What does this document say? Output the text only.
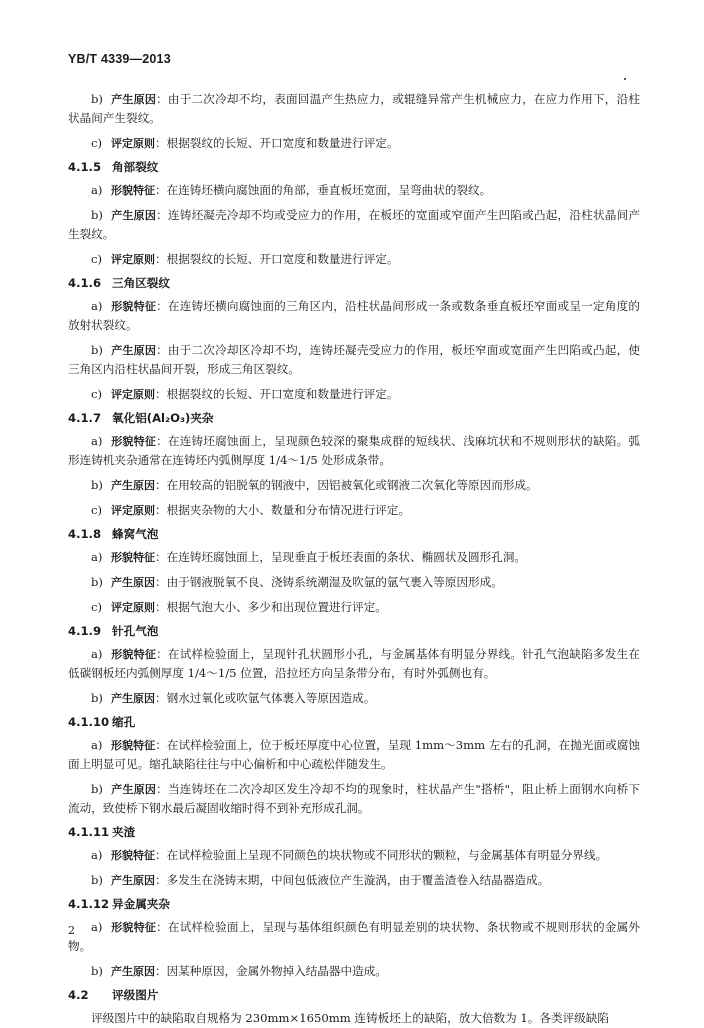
YB/T 4339—2013
b) 产生原因：由于二次冷却不均，表面回温产生热应力，或辊缝异常产生机械应力，在应力作用下，沿柱状晶间产生裂纹。
c) 评定原则：根据裂纹的长短、开口宽度和数量进行评定。
4.1.5 角部裂纹
a) 形貌特征：在连铸坯横向腐蚀面的角部，垂直板坯宽面，呈弯曲状的裂纹。
b) 产生原因：连铸坯凝壳冷却不均或受应力的作用，在板坯的宽面或窄面产生凹陷或凸起，沿柱状晶间产生裂纹。
c) 评定原则：根据裂纹的长短、开口宽度和数量进行评定。
4.1.6 三角区裂纹
a) 形貌特征：在连铸坯横向腐蚀面的三角区内，沿柱状晶间形成一条或数条垂直板坯窄面或呈一定角度的放射状裂纹。
b) 产生原因：由于二次冷却区冷却不均，连铸坯凝壳受应力的作用，板坯窄面或宽面产生凹陷或凸起，使三角区内沿柱状晶间开裂，形成三角区裂纹。
c) 评定原则：根据裂纹的长短、开口宽度和数量进行评定。
4.1.7 氧化铝(Al₂O₃)夹杂
a) 形貌特征：在连铸坯腐蚀面上，呈现颜色较深的聚集成群的短线状、浅麻坑状和不规则形状的缺陷。弧形连铸机夹杂通常在连铸坯内弧侧厚度 1/4～1/5 处形成条带。
b) 产生原因：在用较高的铝脱氧的钢液中，因铝被氧化或钢液二次氧化等原因而形成。
c) 评定原则：根据夹杂物的大小、数量和分布情况进行评定。
4.1.8 蜂窝气泡
a) 形貌特征：在连铸坯腐蚀面上，呈现垂直于板坯表面的条状、椭圆状及圆形孔洞。
b) 产生原因：由于钢液脱氧不良、浇铸系统潮湿及吹氩的氩气裹入等原因形成。
c) 评定原则：根据气泡大小、多少和出现位置进行评定。
4.1.9 针孔气泡
a) 形貌特征：在试样检验面上，呈现针孔状圆形小孔，与金属基体有明显分界线。针孔气泡缺陷多发生在低碳钢板坯内弧侧厚度 1/4～1/5 位置，沿拉坯方向呈条带分布，有时外弧侧也有。
b) 产生原因：钢水过氧化或吹氩气体裹入等原因造成。
4.1.10 缩孔
a) 形貌特征：在试样检验面上，位于板坯厚度中心位置，呈现 1mm～3mm 左右的孔洞，在抛光面或腐蚀面上明显可见。缩孔缺陷往往与中心偏析和中心疏松伴随发生。
b) 产生原因：当连铸坯在二次冷却区发生冷却不均的现象时，柱状晶产生"搭桥"，阻止桥上面钢水向桥下流动，致使桥下钢水最后凝固收缩时得不到补充形成孔洞。
4.1.11 夹渣
a) 形貌特征：在试样检验面上呈现不同颜色的块状物或不同形状的颗粒，与金属基体有明显分界线。
b) 产生原因：多发生在浇铸末期，中间包低液位产生漩涡，由于覆盖渣卷入结晶器造成。
4.1.12 异金属夹杂
a) 形貌特征：在试样检验面上，呈现与基体组织颜色有明显差别的块状物、条状物或不规则形状的金属外物。
b) 产生原因：因某种原因，金属外物掉入结晶器中造成。
4.2 评级图片
评级图片中的缺陷取自规格为 230mm×1650mm 连铸板坯上的缺陷，放大倍数为 1。各类评级缺陷
2
